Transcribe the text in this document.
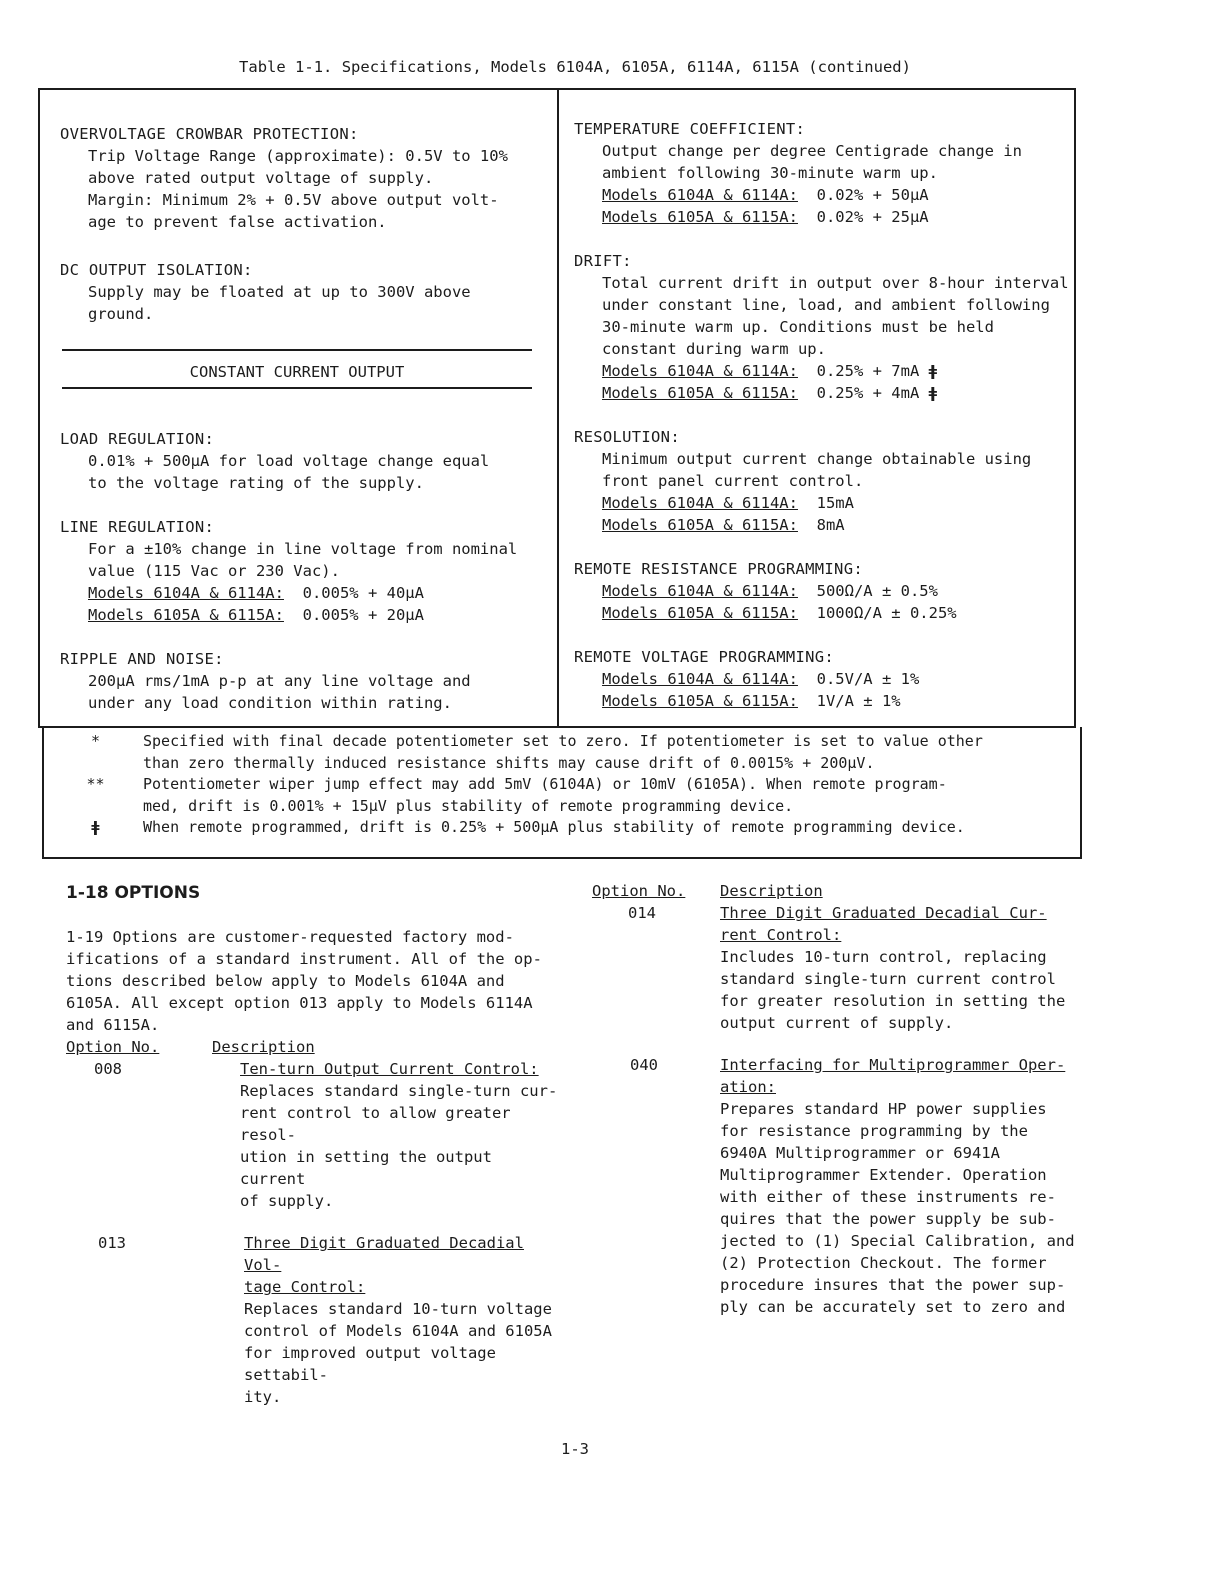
Table 1-1. Specifications, Models 6104A, 6105A, 6114A, 6115A (continued)
OVERVOLTAGE CROWBAR PROTECTION:
Trip Voltage Range (approximate): 0.5V to 10%
above rated output voltage of supply.
Margin: Minimum 2% + 0.5V above output volt-
age to prevent false activation.
DC OUTPUT ISOLATION:
Supply may be floated at up to 300V above
ground.
CONSTANT CURRENT OUTPUT
LOAD REGULATION:
0.01% + 500µA for load voltage change equal
to the voltage rating of the supply.
LINE REGULATION:
For a ±10% change in line voltage from nominal
value (115 Vac or 230 Vac).
Models 6104A & 6114A: 0.005% + 40µA
Models 6105A & 6115A: 0.005% + 20µA
RIPPLE AND NOISE:
200µA rms/1mA p-p at any line voltage and
under any load condition within rating.
TEMPERATURE COEFFICIENT:
Output change per degree Centigrade change in
ambient following 30-minute warm up.
Models 6104A & 6114A: 0.02% + 50µA
Models 6105A & 6115A: 0.02% + 25µA
DRIFT:
Total current drift in output over 8-hour interval
under constant line, load, and ambient following
30-minute warm up. Conditions must be held
constant during warm up.
Models 6104A & 6114A: 0.25% + 7mA ǂ
Models 6105A & 6115A: 0.25% + 4mA ǂ
RESOLUTION:
Minimum output current change obtainable using
front panel current control.
Models 6104A & 6114A: 15mA
Models 6105A & 6115A: 8mA
REMOTE RESISTANCE PROGRAMMING:
Models 6104A & 6114A: 500Ω/A ± 0.5%
Models 6105A & 6115A: 1000Ω/A ± 0.25%
REMOTE VOLTAGE PROGRAMMING:
Models 6104A & 6114A: 0.5V/A ± 1%
Models 6105A & 6115A: 1V/A ± 1%
*	Specified with final decade potentiometer set to zero. If potentiometer is set to value other
than zero thermally induced resistance shifts may cause drift of 0.0015% + 200µV.
**	Potentiometer wiper jump effect may add 5mV (6104A) or 10mV (6105A). When remote program-
med, drift is 0.001% + 15µV plus stability of remote programming device.
ǂ	When remote programmed, drift is 0.25% + 500µA plus stability of remote programming device.
1-18 OPTIONS
1-19 Options are customer-requested factory mod-
ifications of a standard instrument. All of the op-
tions described below apply to Models 6104A and
6105A. All except option 013 apply to Models 6114A
and 6115A.
Option No.	Description
008	Ten-turn Output Current Control:
Replaces standard single-turn cur-
rent control to allow greater resol-
ution in setting the output current
of supply.
013	Three Digit Graduated Decadial Vol-
tage Control:
Replaces standard 10-turn voltage
control of Models 6104A and 6105A
for improved output voltage settabil-
ity.
Option No.	Description
014	Three Digit Graduated Decadial Cur-
rent Control:
Includes 10-turn control, replacing
standard single-turn current control
for greater resolution in setting the
output current of supply.
040	Interfacing for Multiprogrammer Oper-
ation:
Prepares standard HP power supplies
for resistance programming by the
6940A Multiprogrammer or 6941A
Multiprogrammer Extender. Operation
with either of these instruments re-
quires that the power supply be sub-
jected to (1) Special Calibration, and
(2) Protection Checkout. The former
procedure insures that the power sup-
ply can be accurately set to zero and
1-3
